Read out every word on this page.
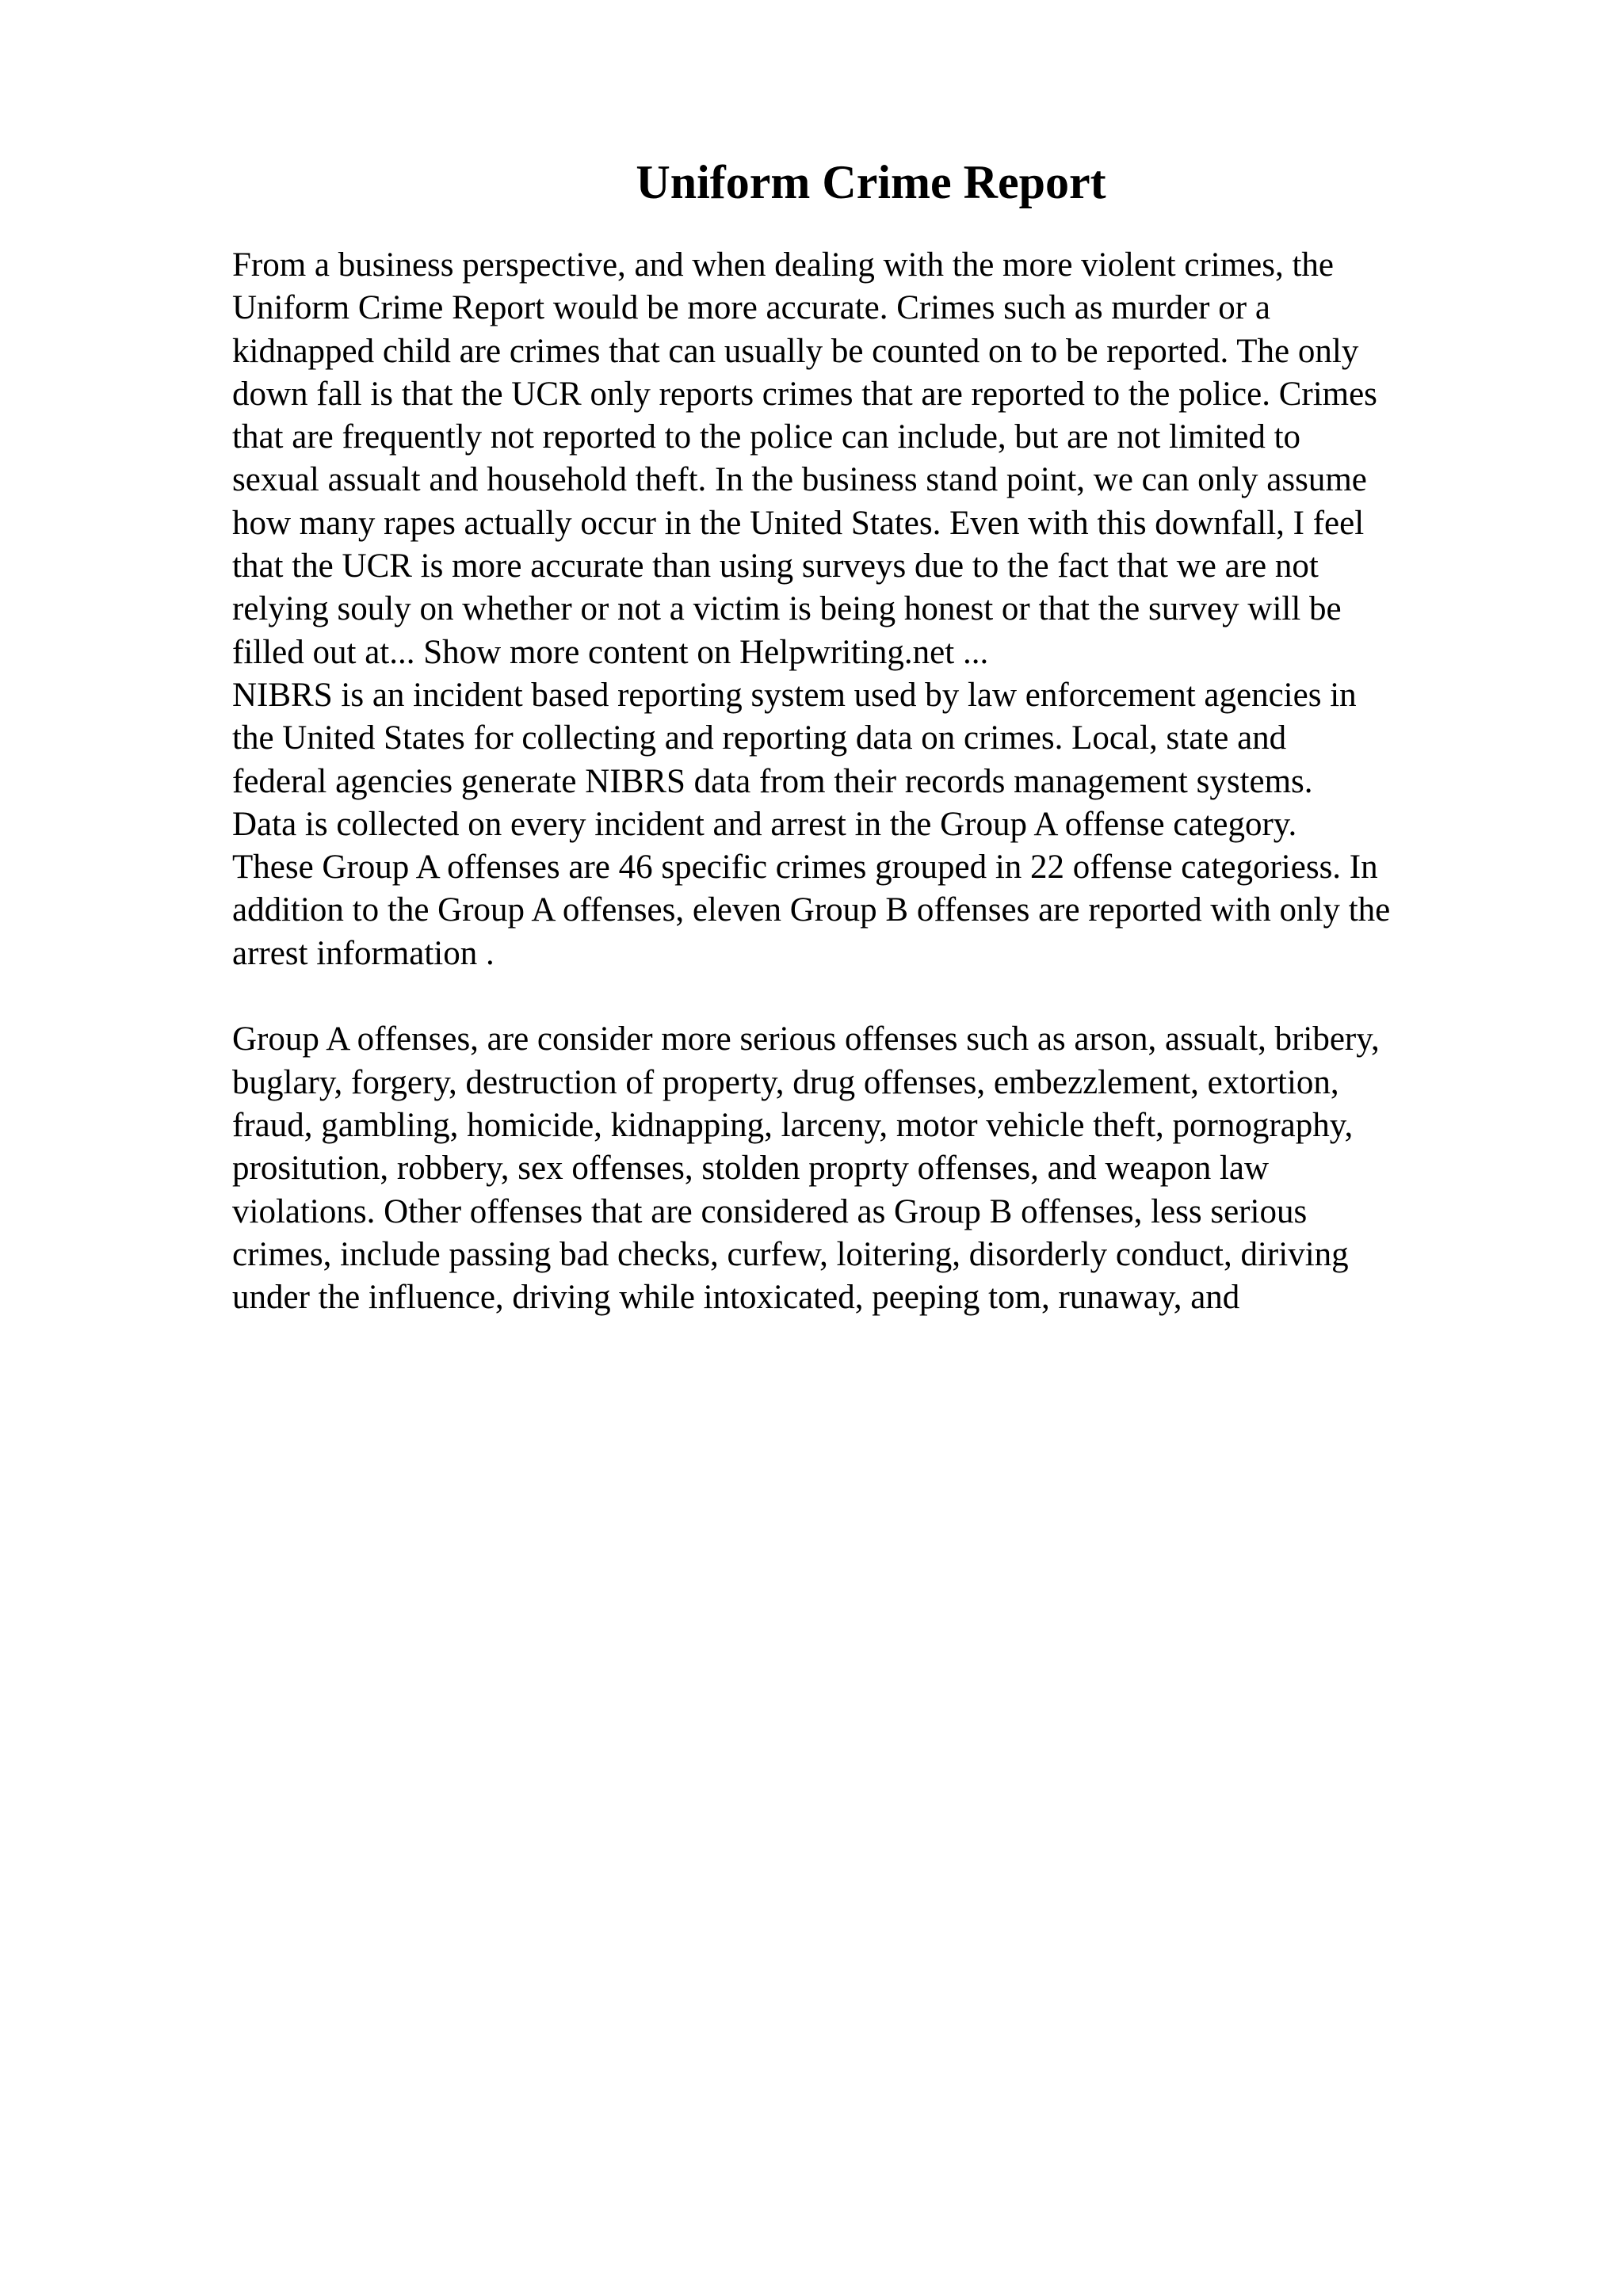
Uniform Crime Report
From a business perspective, and when dealing with the more violent crimes, the
Uniform Crime Report would be more accurate. Crimes such as murder or a
kidnapped child are crimes that can usually be counted on to be reported. The only
down fall is that the UCR only reports crimes that are reported to the police. Crimes
that are frequently not reported to the police can include, but are not limited to
sexual assualt and household theft. In the business stand point, we can only assume
how many rapes actually occur in the United States. Even with this downfall, I feel
that the UCR is more accurate than using surveys due to the fact that we are not
relying souly on whether or not a victim is being honest or that the survey will be
filled out at... Show more content on Helpwriting.net ...
NIBRS is an incident based reporting system used by law enforcement agencies in
the United States for collecting and reporting data on crimes. Local, state and
federal agencies generate NIBRS data from their records management systems.
Data is collected on every incident and arrest in the Group A offense category.
These Group A offenses are 46 specific crimes grouped in 22 offense categoriess. In
addition to the Group A offenses, eleven Group B offenses are reported with only the
arrest information .
Group A offenses, are consider more serious offenses such as arson, assualt, bribery,
buglary, forgery, destruction of property, drug offenses, embezzlement, extortion,
fraud, gambling, homicide, kidnapping, larceny, motor vehicle theft, pornography,
prositution, robbery, sex offenses, stolden proprty offenses, and weapon law
violations. Other offenses that are considered as Group B offenses, less serious
crimes, include passing bad checks, curfew, loitering, disorderly conduct, diriving
under the influence, driving while intoxicated, peeping tom, runaway, and
